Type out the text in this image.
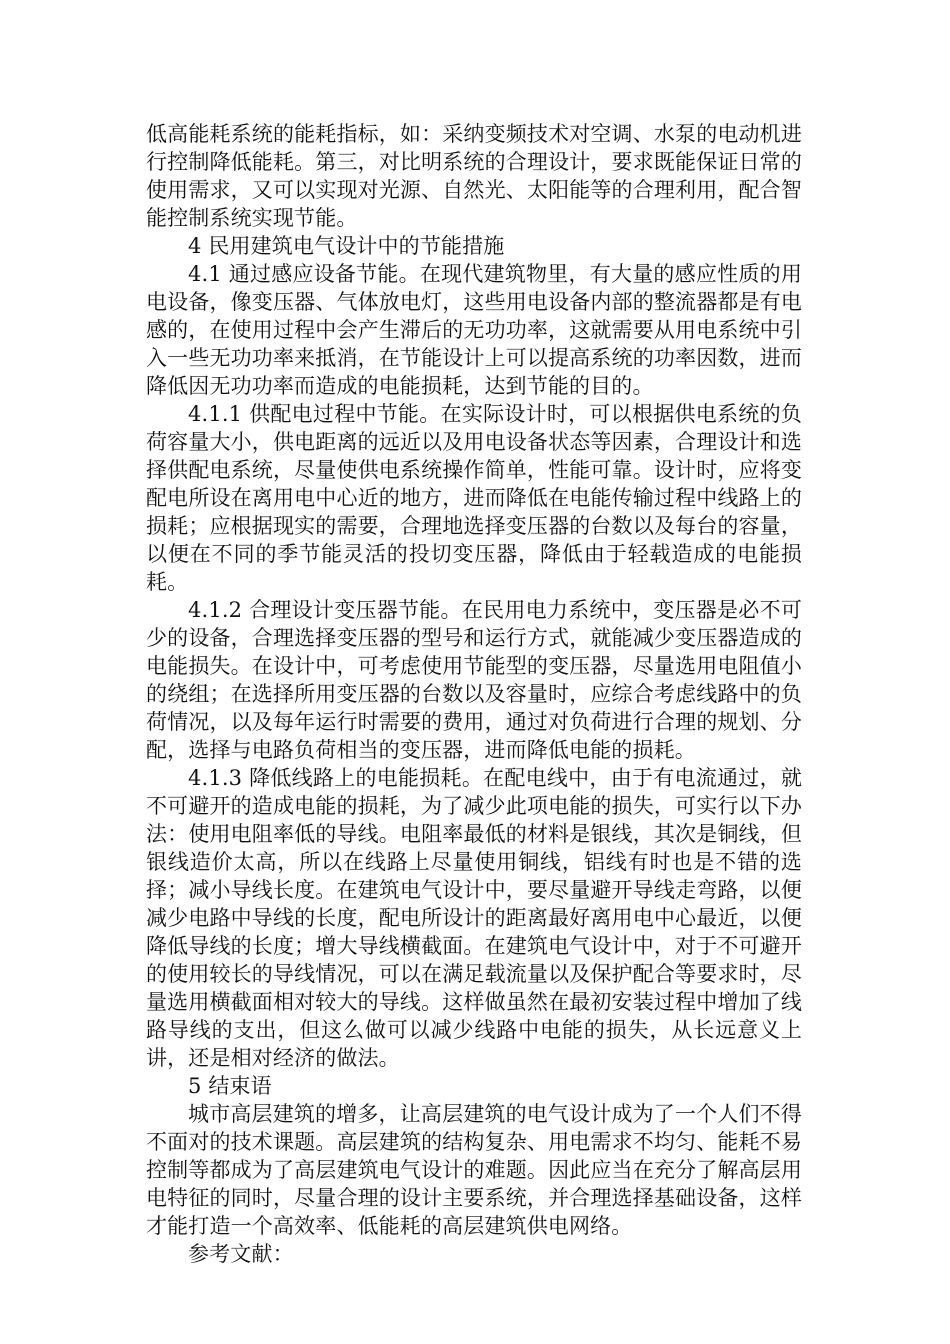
低高能耗系统的能耗指标，如：采纳变频技术对空调、水泵的电动机进行控制降低能耗。第三，对比明系统的合理设计，要求既能保证日常的使用需求，又可以实现对光源、自然光、太阳能等的合理利用，配合智能控制系统实现节能。

4 民用建筑电气设计中的节能措施

4.1 通过感应设备节能。在现代建筑物里，有大量的感应性质的用电设备，像变压器、气体放电灯，这些用电设备内部的整流器都是有电感的，在使用过程中会产生滞后的无功功率，这就需要从用电系统中引入一些无功功率来抵消，在节能设计上可以提高系统的功率因数，进而降低因无功功率而造成的电能损耗，达到节能的目的。

4.1.1 供配电过程中节能。在实际设计时，可以根据供电系统的负荷容量大小，供电距离的远近以及用电设备状态等因素，合理设计和选择供配电系统，尽量使供电系统操作简单，性能可靠。设计时，应将变配电所设在离用电中心近的地方，进而降低在电能传输过程中线路上的损耗；应根据现实的需要，合理地选择变压器的台数以及每台的容量，以便在不同的季节能灵活的投切变压器，降低由于轻载造成的电能损耗。

4.1.2 合理设计变压器节能。在民用电力系统中，变压器是必不可少的设备，合理选择变压器的型号和运行方式，就能减少变压器造成的电能损失。在设计中，可考虑使用节能型的变压器，尽量选用电阻值小的绕组；在选择所用变压器的台数以及容量时，应综合考虑线路中的负荷情况，以及每年运行时需要的费用，通过对负荷进行合理的规划、分配，选择与电路负荷相当的变压器，进而降低电能的损耗。

4.1.3 降低线路上的电能损耗。在配电线中，由于有电流通过，就不可避开的造成电能的损耗，为了减少此项电能的损失，可实行以下办法：使用电阻率低的导线。电阻率最低的材料是银线，其次是铜线，但银线造价太高，所以在线路上尽量使用铜线，铝线有时也是不错的选择；减小导线长度。在建筑电气设计中，要尽量避开导线走弯路，以便减少电路中导线的长度，配电所设计的距离最好离用电中心最近，以便降低导线的长度；增大导线横截面。在建筑电气设计中，对于不可避开的使用较长的导线情况，可以在满足载流量以及保护配合等要求时，尽量选用横截面相对较大的导线。这样做虽然在最初安装过程中增加了线路导线的支出，但这么做可以减少线路中电能的损失，从长远意义上讲，还是相对经济的做法。

5 结束语

城市高层建筑的增多，让高层建筑的电气设计成为了一个人们不得不面对的技术课题。高层建筑的结构复杂、用电需求不均匀、能耗不易控制等都成为了高层建筑电气设计的难题。因此应当在充分了解高层用电特征的同时，尽量合理的设计主要系统，并合理选择基础设备，这样才能打造一个高效率、低能耗的高层建筑供电网络。

参考文献：
